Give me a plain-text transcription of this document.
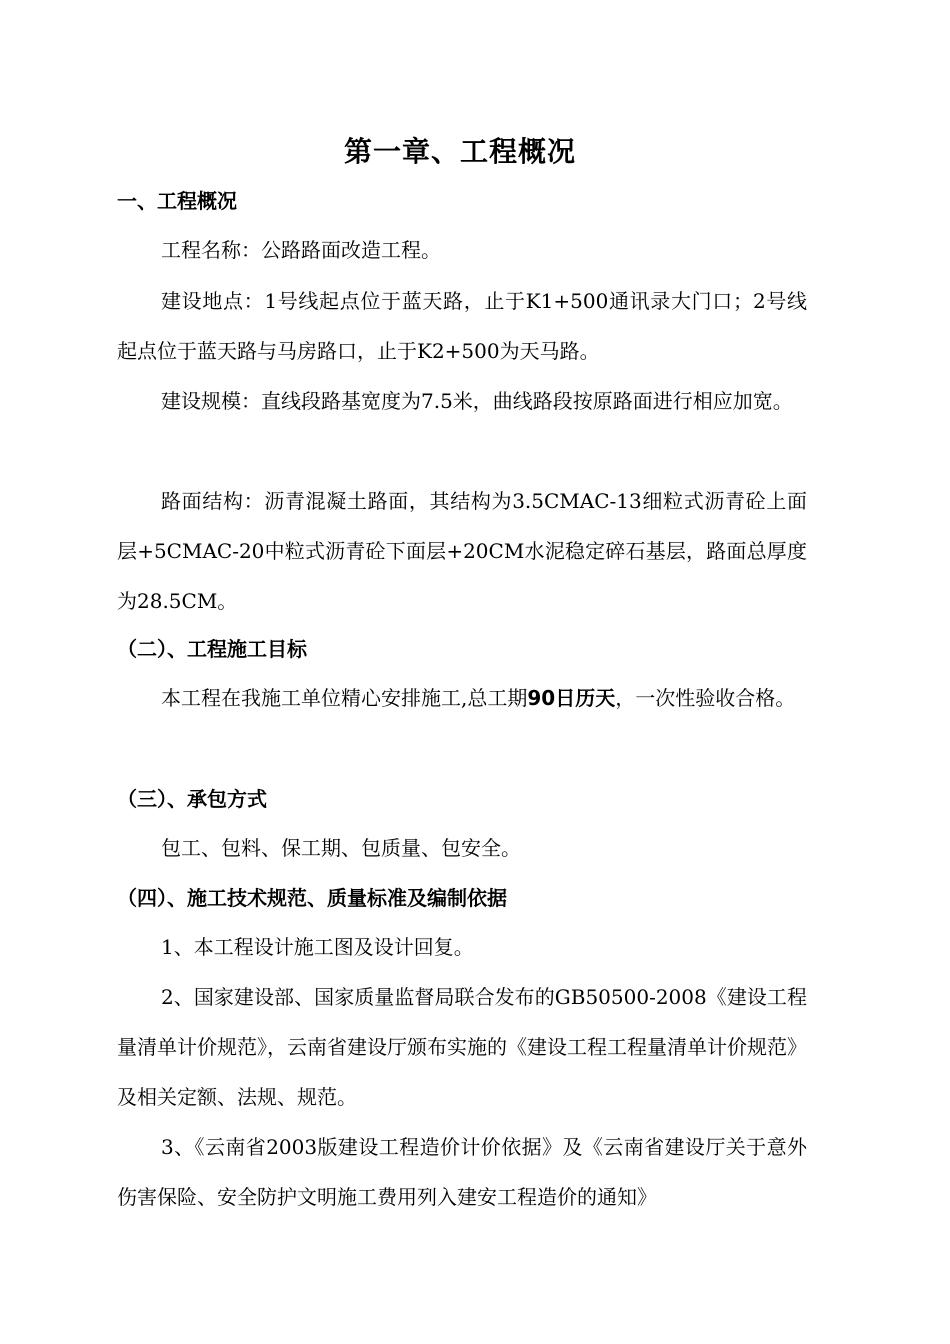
第一章、工程概况
一、工程概况
工程名称：公路路面改造工程。
建设地点：1号线起点位于蓝天路，止于K1+500通讯录大门口；2号线起点位于蓝天路与马房路口，止于K2+500为天马路。
建设规模：直线段路基宽度为7.5米，曲线路段按原路面进行相应加宽。
路面结构：沥青混凝土路面，其结构为3.5CMAC-13细粒式沥青砼上面层+5CMAC-20中粒式沥青砼下面层+20CM水泥稳定碎石基层，路面总厚度为28.5CM。
（二）、工程施工目标
本工程在我施工单位精心安排施工,总工期90日历天，一次性验收合格。
（三）、承包方式
包工、包料、保工期、包质量、包安全。
（四）、施工技术规范、质量标准及编制依据
1、本工程设计施工图及设计回复。
2、国家建设部、国家质量监督局联合发布的GB50500-2008《建设工程量清单计价规范》，云南省建设厅颁布实施的《建设工程工程量清单计价规范》及相关定额、法规、规范。
3、《云南省2003版建设工程造价计价依据》及《云南省建设厅关于意外伤害保险、安全防护文明施工费用列入建安工程造价的通知》
